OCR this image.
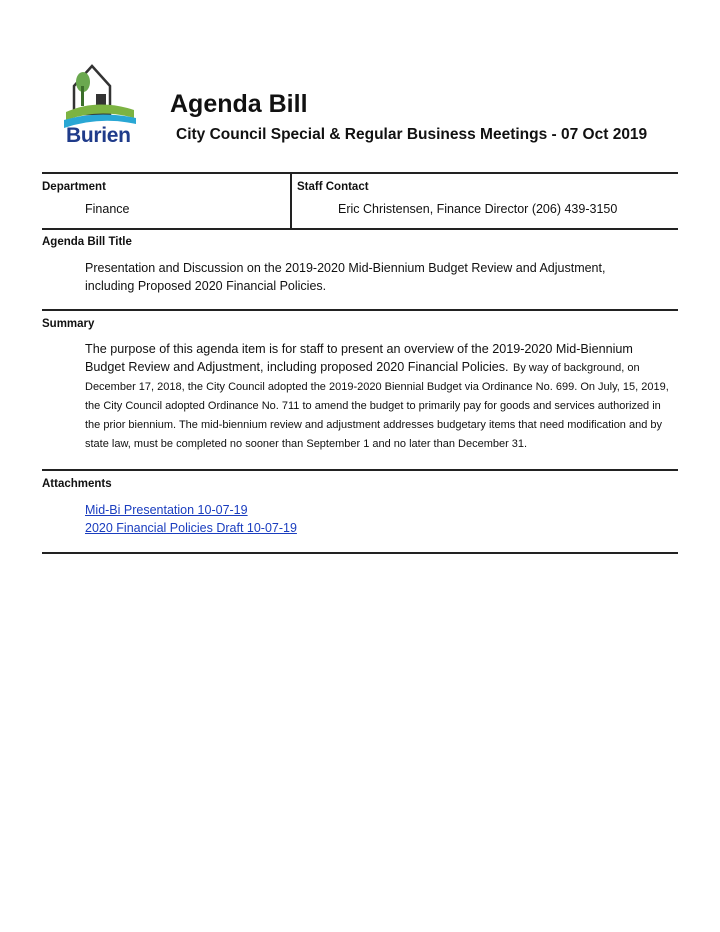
Burien
Agenda Bill
City Council Special & Regular Business Meetings - 07 Oct 2019
Department
Finance
Staff Contact
Eric Christensen, Finance Director (206) 439-3150
Agenda Bill Title
Presentation and Discussion on the 2019-2020 Mid-Biennium Budget Review and Adjustment,
including Proposed 2020 Financial Policies.
Summary
The purpose of this agenda item is for staff to present an overview of the 2019-2020 Mid-Biennium Budget Review and Adjustment, including proposed 2020 Financial Policies. By way of background, on December 17, 2018, the City Council adopted the 2019-2020 Biennial Budget via Ordinance No. 699. On July, 15, 2019, the City Council adopted Ordinance No. 711 to amend the budget to primarily pay for goods and services authorized in the prior biennium. The mid-biennium review and adjustment addresses budgetary items that need modification and by state law, must be completed no sooner than September 1 and no later than December 31.
Attachments
Mid-Bi Presentation 10-07-19
2020 Financial Policies Draft 10-07-19
